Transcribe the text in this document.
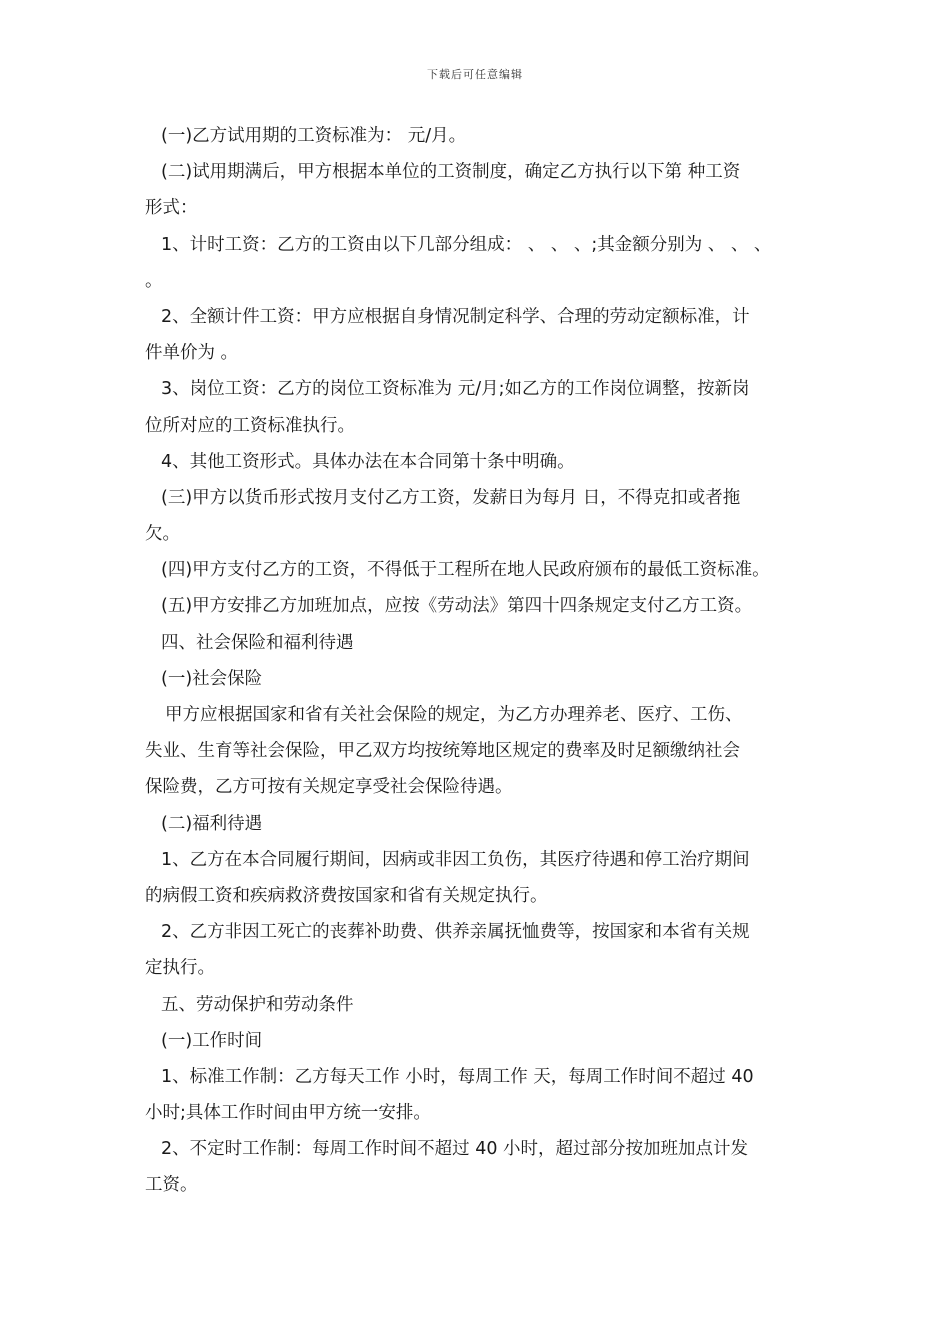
下载后可任意编辑
(一)乙方试用期的工资标准为： 元/月。
(二)试用期满后，甲方根据本单位的工资制度，确定乙方执行以下第 种工资
形式：
1、计时工资：乙方的工资由以下几部分组成： 、 、 、;其金额分别为 、 、 、
。
2、全额计件工资：甲方应根据自身情况制定科学、合理的劳动定额标准，计
件单价为 。
3、岗位工资：乙方的岗位工资标准为 元/月;如乙方的工作岗位调整，按新岗
位所对应的工资标准执行。
4、其他工资形式。具体办法在本合同第十条中明确。
(三)甲方以货币形式按月支付乙方工资，发薪日为每月 日，不得克扣或者拖
欠。
(四)甲方支付乙方的工资，不得低于工程所在地人民政府颁布的最低工资标准。
(五)甲方安排乙方加班加点，应按《劳动法》第四十四条规定支付乙方工资。
四、社会保险和福利待遇
(一)社会保险
甲方应根据国家和省有关社会保险的规定，为乙方办理养老、医疗、工伤、
失业、生育等社会保险，甲乙双方均按统筹地区规定的费率及时足额缴纳社会
保险费，乙方可按有关规定享受社会保险待遇。
(二)福利待遇
1、乙方在本合同履行期间，因病或非因工负伤，其医疗待遇和停工治疗期间
的病假工资和疾病救济费按国家和省有关规定执行。
2、乙方非因工死亡的丧葬补助费、供养亲属抚恤费等，按国家和本省有关规
定执行。
五、劳动保护和劳动条件
(一)工作时间
1、标准工作制：乙方每天工作 小时，每周工作 天，每周工作时间不超过 40
小时;具体工作时间由甲方统一安排。
2、不定时工作制：每周工作时间不超过 40 小时，超过部分按加班加点计发
工资。
